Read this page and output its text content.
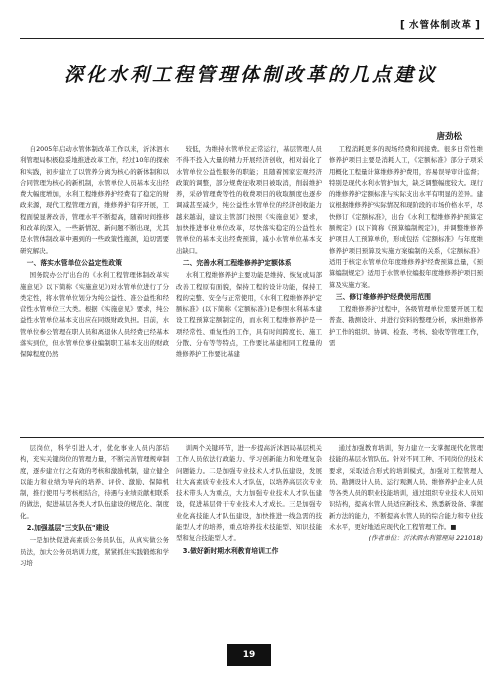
[ 水管体制改革 ]
深化水利工程管理体制改革的几点建议
唐劲松

自2005年启动水管体制改革工作以来，沂沭泗水利管理局积极稳妥地推进改革工作，经过10年的探索和实践，初步建立了以管养分离为核心的新体制和以合同管理为核心的新机制，水管单位人员基本支出经费大幅度增加，水利工程维修养护经费有了稳定的财政来源，现代工程管理方面，维修养护有序开展，工程面貌显著改善，管理水平不断提高，随着时间推移和改革的深入，一些新情况、新问题不断出现，尤其是水管体制改革中遇到的一些政策性瓶颈，迫切需要研究解决。

一、落实水管单位公益定性政策

国务院办公厅出台的《水利工程管理体制改革实施意见》以下简称《实施意见》)对水管单位进行了分类定性，将水管单位划分为纯公益性、准公益性和经营性水管单位三大类。根据《实施意见》要求，纯公益性水管单位基本支出应在同级财政负担。目前，水管单位参公管理在职人员和离退休人员经费已经基本落实到位，但水管单位事业编制职工基本支出的财政保障程度仍然

较低，为维持水管单位正常运行，基层管理人员不得不投入大量的精力开展经济创收，相对弱化了水管单位公益性服务的职能；且随着国家宏观经济政策的调整，部分规费征收项目被取消，削弱维护养，采砂管理费等性的收费项目的收取额度也逐步调减甚至减少，纯公益性水管单位的经济创收能力越来越弱，建议主管部门按照《实施意见》要求，加快推进事业单位改革，尽快落实稳定的公益性水管单位的基本支出经费预算，减小水管单位基本支出缺口。

二、完善水利工程维修养护定额体系

水利工程维修养护主要功能是维持、恢复或局部改善工程原有面貌，保持工程的设计功能，保持工程的完整、安全与正常使用，《水利工程维修养护定额标准》(以下简称《定额标准》)是参照水利基本建设工程预算定额制定的，而水利工程维修养护是一项经常性、重复性的工作，具有时间跨度长、施工分散、分布等等特点，工作要比基建相同工程量的维修养护工作要比基建

工程消耗更多的现场经费和间接费。很多日常性维修养护项目主要是消耗人工，《定额标准》部分子项采用概化工程量计算维修养护费用，容易误导审计监督；特别是现代水利水管护加大，缺乏调整幅度较大。现行的维修养护定额标准与实际支出水平有明显的差异。建议根据维修养护实际情况和现阶段的市场价格水平，尽快修订《定额标准》，出台《水利工程维修养护预算定额规定》(以下简称《预算编制规定》)，并调整维修养护项目人工预算单价，形成包括《定额标准》与年度维修养护项目预算及实施方案编制的关系，《定额标准》适用于核定水管单位年度维修养护经费预算总量，《预算编制规定》适用于水管单位编报年度维修养护项目预算及实施方案。

三、修订维修养护经费使用范围

工程维修养护过程中，各级管理单位需要开展工程普查、勘测设计、并进行资料的整理分析，承担维修养护工作的组织、协调、检查、考核、验收等管理工作，需

层岗位，科学引进人才，优化事业人员内部结构，充实关键岗位的管理力量，不断完善管理规章制度，逐步建立行之有效的考核和激励机制，建立健全以能力和业绩为导向的培养、评价、激励、保障机制，推行使用与考核相结合，待遇与业绩贡献相联系的做法，促进基层各类人才队伍建设的规范化、制度化。

2.加强基层"三支队伍"建设

一是加快促进高素质公务员队伍，从真实做公务员法，加大公务员培训力度，紧紧抓住实践锻炼和学习培

训两个关键环节，进一步提高沂沭泗局基层机关工作人员依法行政能力、学习创新能力和处理复杂问题能力。二是加强专业技术人才队伍建设，发展壮大高素质专业技术人才队伍，以培养高层次专业技术带头人为重点，大力加强专业技术人才队伍建设，促进基层骨干专业技术人才成长。三是加强专业化高技能人才队伍建设，加快推进一线急需的技能型人才的培养，重点培养技术技能型、知识技能型和复合技能型人才。

3.做好新时期水利教育培训工作

通过加强教育培训，努力建立一支掌握现代化管理技能的基层水管队伍。针对不同工种、不同岗位的技术要求，采取适合形式的培训模式，加强对工程管理人员、勘测设计人员、运行观测人员、维修养护企业人员等各类人员的职业技能培训，通过组织专业技术人员知识结构，提高水管人员适应新技术、熟悉新设备、掌握新方法的能力，不断提高水管人员的综合能力和专业技术水平，更好地适应现代化工程管理工作。■

(作者单位：沂沭泗水利管理局 221018)

19
